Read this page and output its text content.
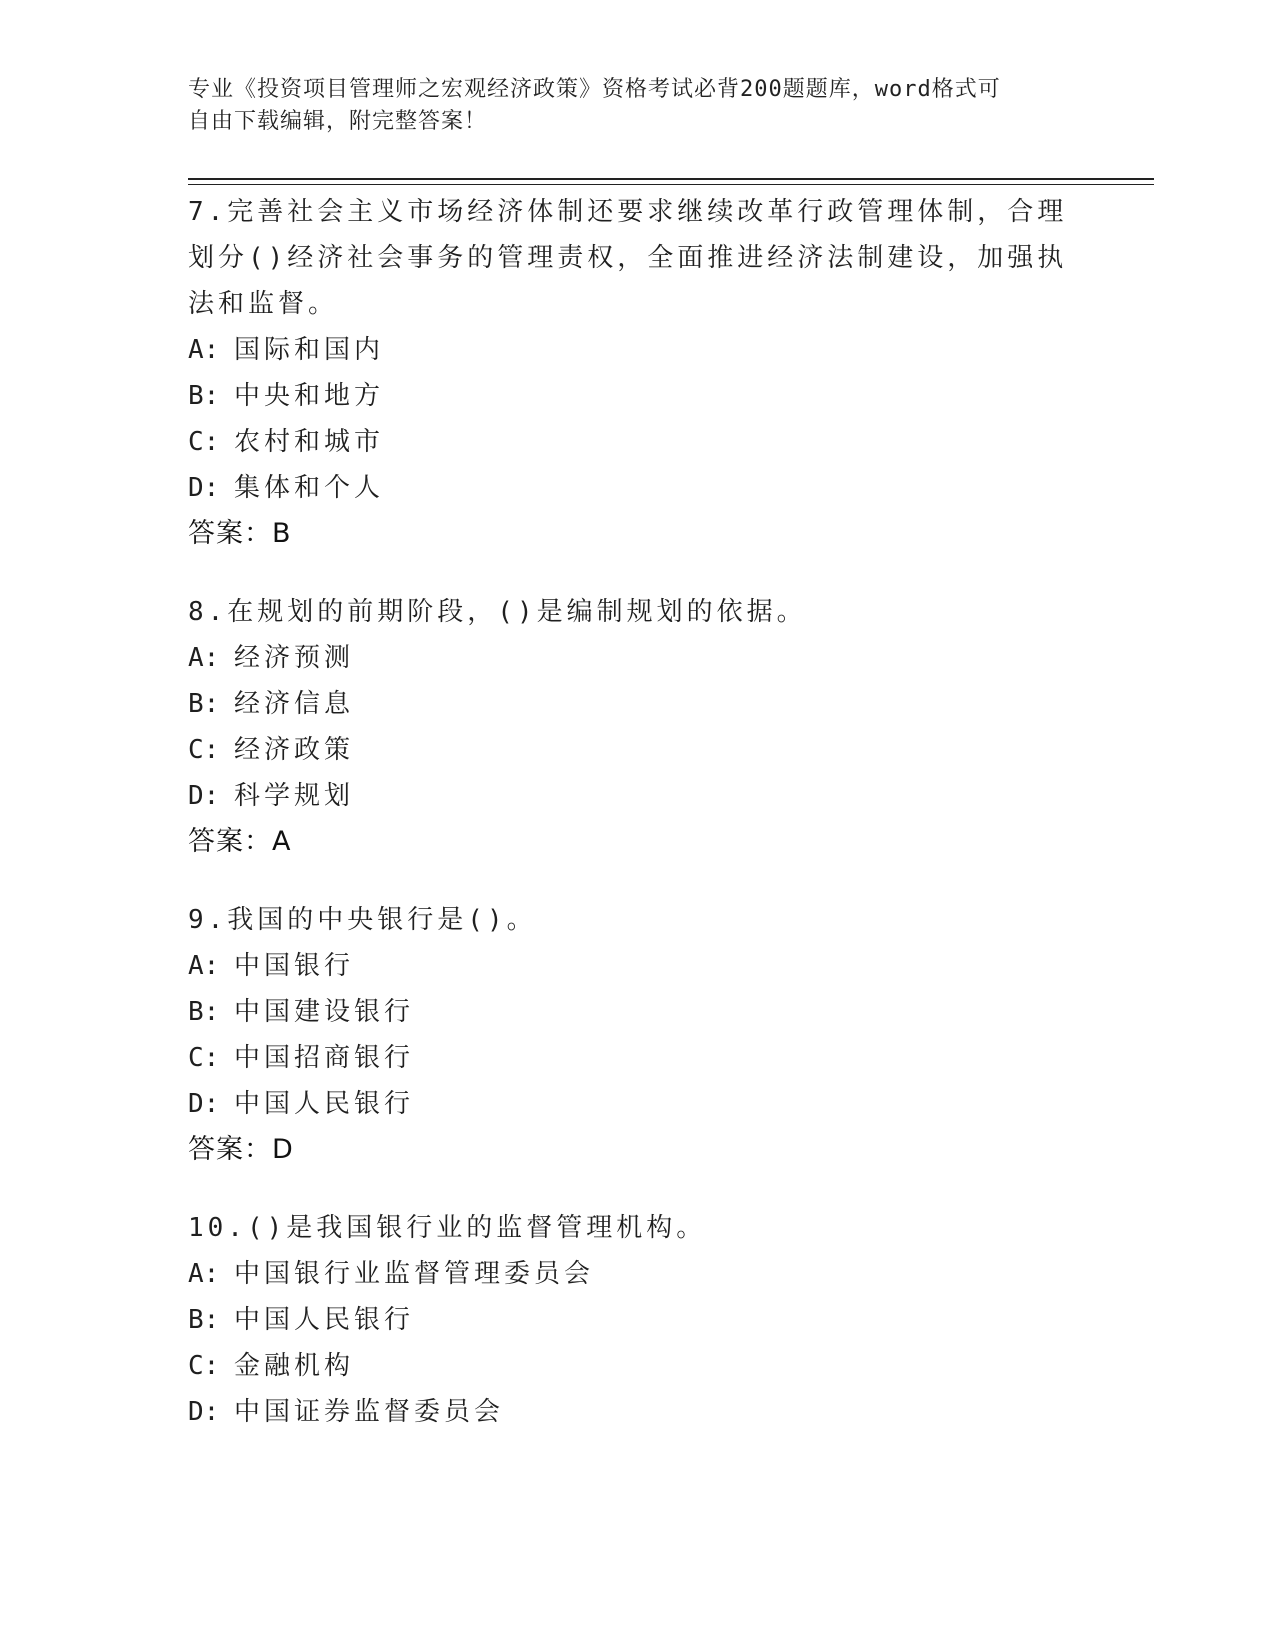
专业《投资项目管理师之宏观经济政策》资格考试必背200题题库，word格式可
自由下载编辑，附完整答案！
7.完善社会主义市场经济体制还要求继续改革行政管理体制，合理划分()经济社会事务的管理责权，全面推进经济法制建设，加强执法和监督。
A: 国际和国内
B: 中央和地方
C: 农村和城市
D: 集体和个人
答案：B
8.在规划的前期阶段，()是编制规划的依据。
A: 经济预测
B: 经济信息
C: 经济政策
D: 科学规划
答案：A
9.我国的中央银行是()。
A: 中国银行
B: 中国建设银行
C: 中国招商银行
D: 中国人民银行
答案：D
10.()是我国银行业的监督管理机构。
A: 中国银行业监督管理委员会
B: 中国人民银行
C: 金融机构
D: 中国证券监督委员会
